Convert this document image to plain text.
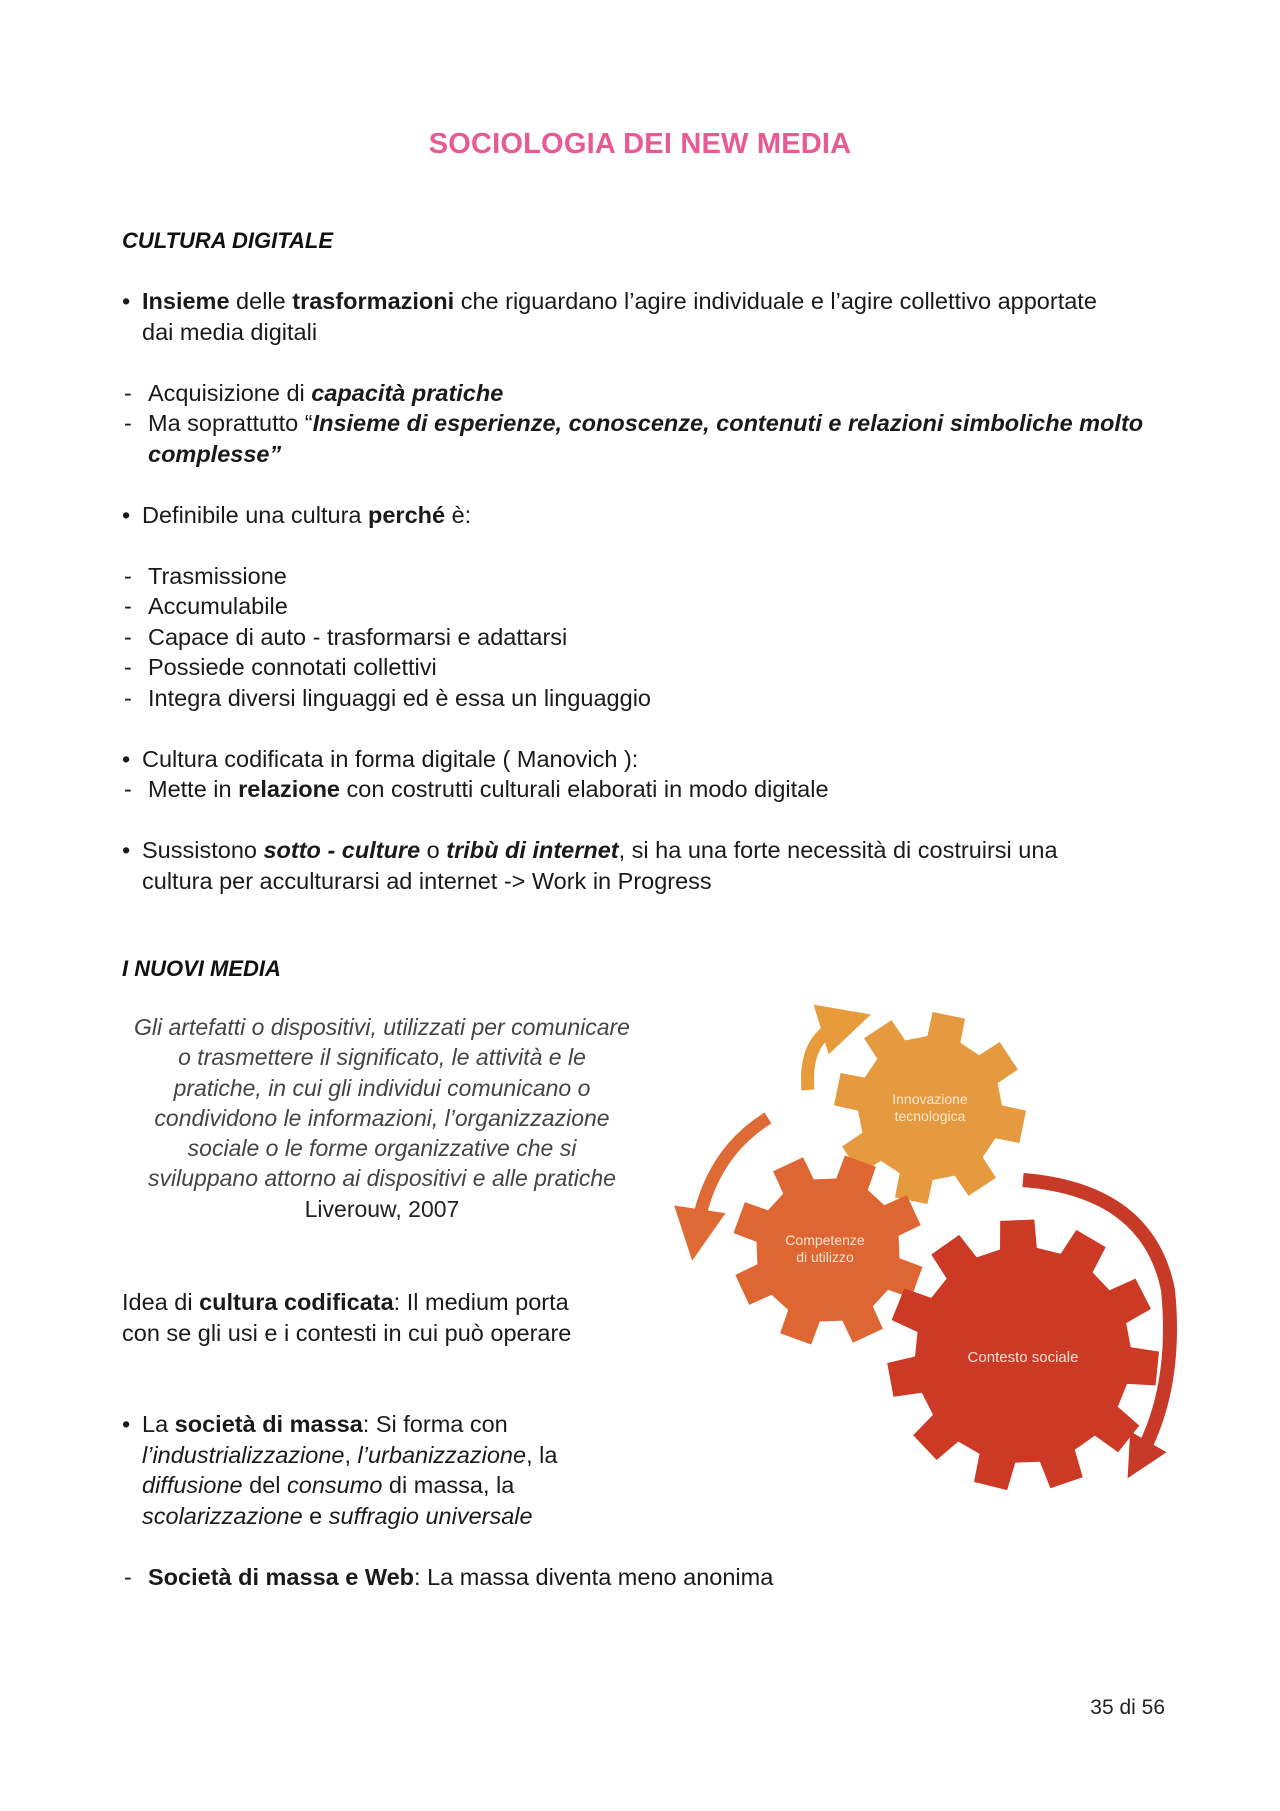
SOCIOLOGIA DEI NEW MEDIA
CULTURA DIGITALE
• Insieme delle trasformazioni che riguardano l’agire individuale e l’agire collettivo apportate
dai media digitali

- Acquisizione di capacità pratiche
- Ma soprattutto “Insieme di esperienze, conoscenze, contenuti e relazioni simboliche molto
complesse”

• Definibile una cultura perché è:

- Trasmissione
- Accumulabile
- Capace di auto - trasformarsi e adattarsi
- Possiede connotati collettivi
- Integra diversi linguaggi ed è essa un linguaggio

• Cultura codificata in forma digitale ( Manovich ):
- Mette in relazione con costrutti culturali elaborati in modo digitale

• Sussistono sotto - culture o tribù di internet, si ha una forte necessità di costruirsi una
cultura per acculturarsi ad internet -> Work in Progress
I NUOVI MEDIA
Gli artefatti o dispositivi, utilizzati per comunicare
o trasmettere il significato, le attività e le
pratiche, in cui gli individui comunicano o
condividono le informazioni, l’organizzazione
sociale o le forme organizzative che si
sviluppano attorno ai dispositivi e alle pratiche
Liverouw, 2007
Idea di cultura codificata: Il medium porta
con se gli usi e i contesti in cui può operare

• La società di massa: Si forma con
l’industrializzazione, l’urbanizzazione, la
diffusione del consumo di massa, la
scolarizzazione e suffragio universale

- Società di massa e Web: La massa diventa meno anonima
Innovazione
tecnologica
Competenze
di utilizzo
Contesto sociale
35 di 56
